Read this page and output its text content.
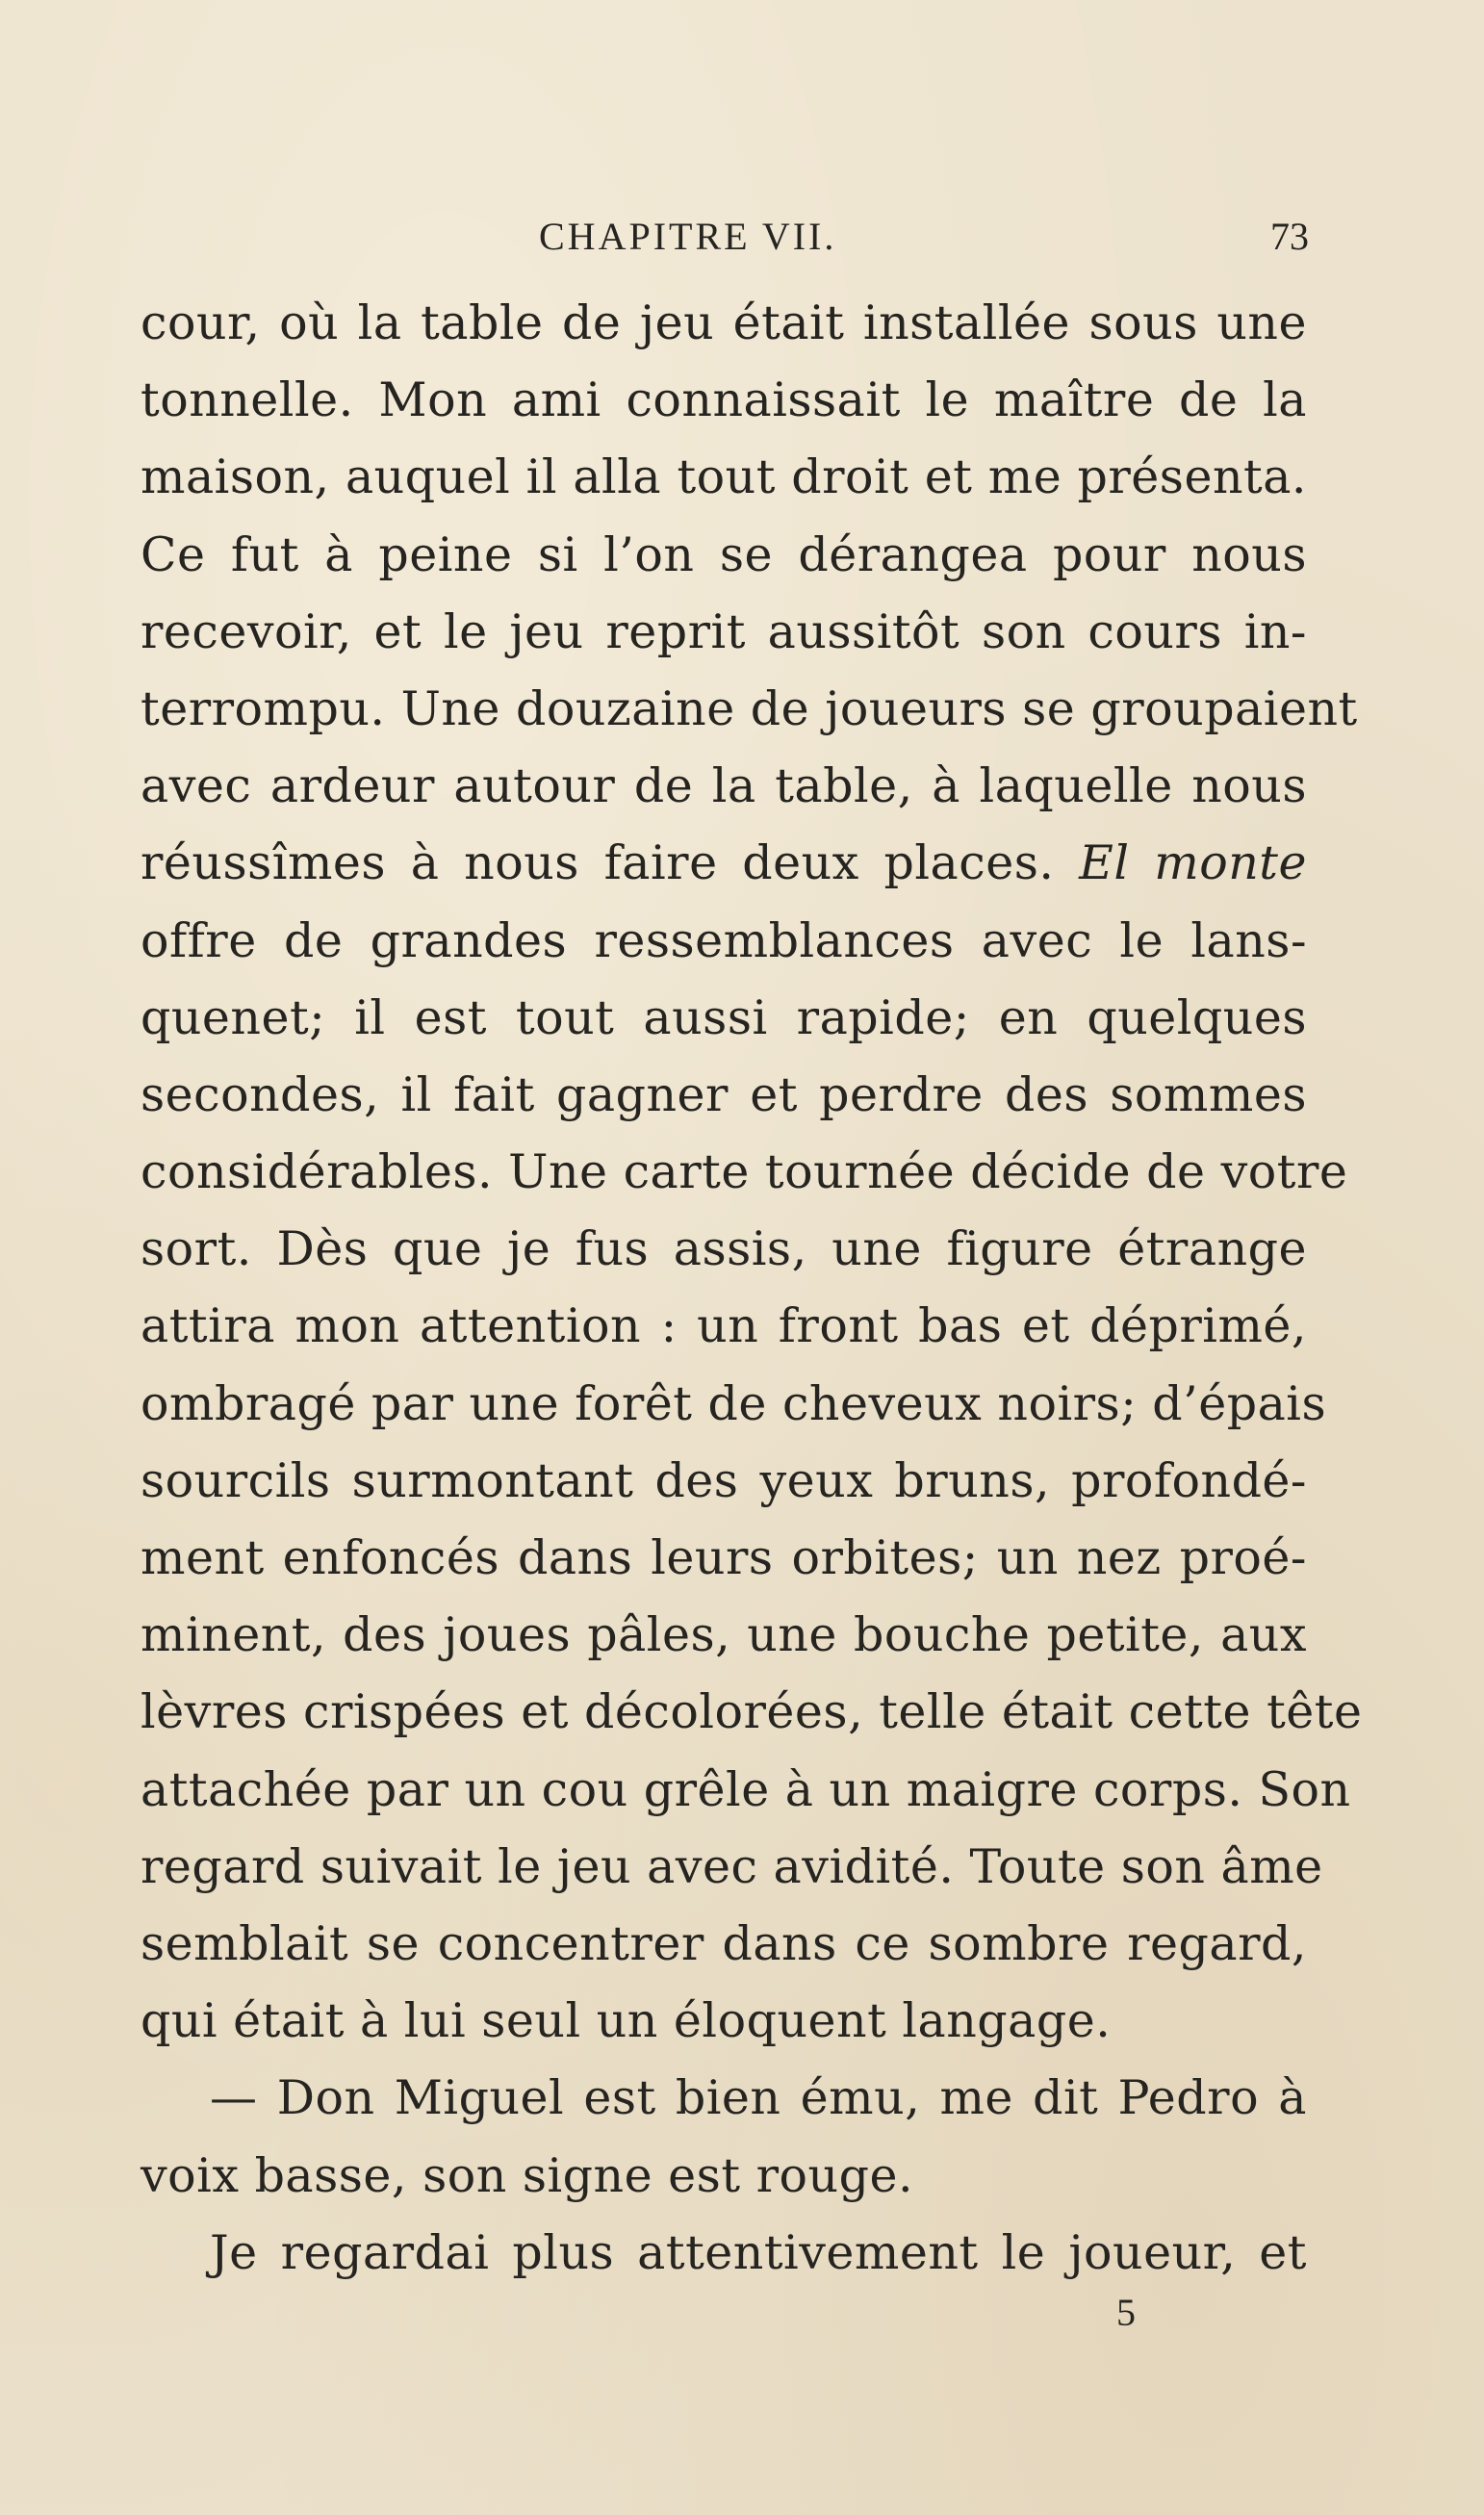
CHAPITRE VII.	73
cour, où la table de jeu était installée sous une
tonnelle. Mon ami connaissait le maître de la
maison, auquel il alla tout droit et me présenta.
Ce fut à peine si l’on se dérangea pour nous
recevoir, et le jeu reprit aussitôt son cours in-
terrompu. Une douzaine de joueurs se groupaient
avec ardeur autour de la table, à laquelle nous
réussîmes à nous faire deux places. El monte
offre de grandes ressemblances avec le lans-
quenet; il est tout aussi rapide; en quelques
secondes, il fait gagner et perdre des sommes
considérables. Une carte tournée décide de votre
sort. Dès que je fus assis, une figure étrange
attira mon attention : un front bas et déprimé,
ombragé par une forêt de cheveux noirs; d’épais
sourcils surmontant des yeux bruns, profondé-
ment enfoncés dans leurs orbites; un nez proé-
minent, des joues pâles, une bouche petite, aux
lèvres crispées et décolorées, telle était cette tête
attachée par un cou grêle à un maigre corps. Son
regard suivait le jeu avec avidité. Toute son âme
semblait se concentrer dans ce sombre regard,
qui était à lui seul un éloquent langage.
— Don Miguel est bien ému, me dit Pedro à
voix basse, son signe est rouge.
Je regardai plus attentivement le joueur, et
5
